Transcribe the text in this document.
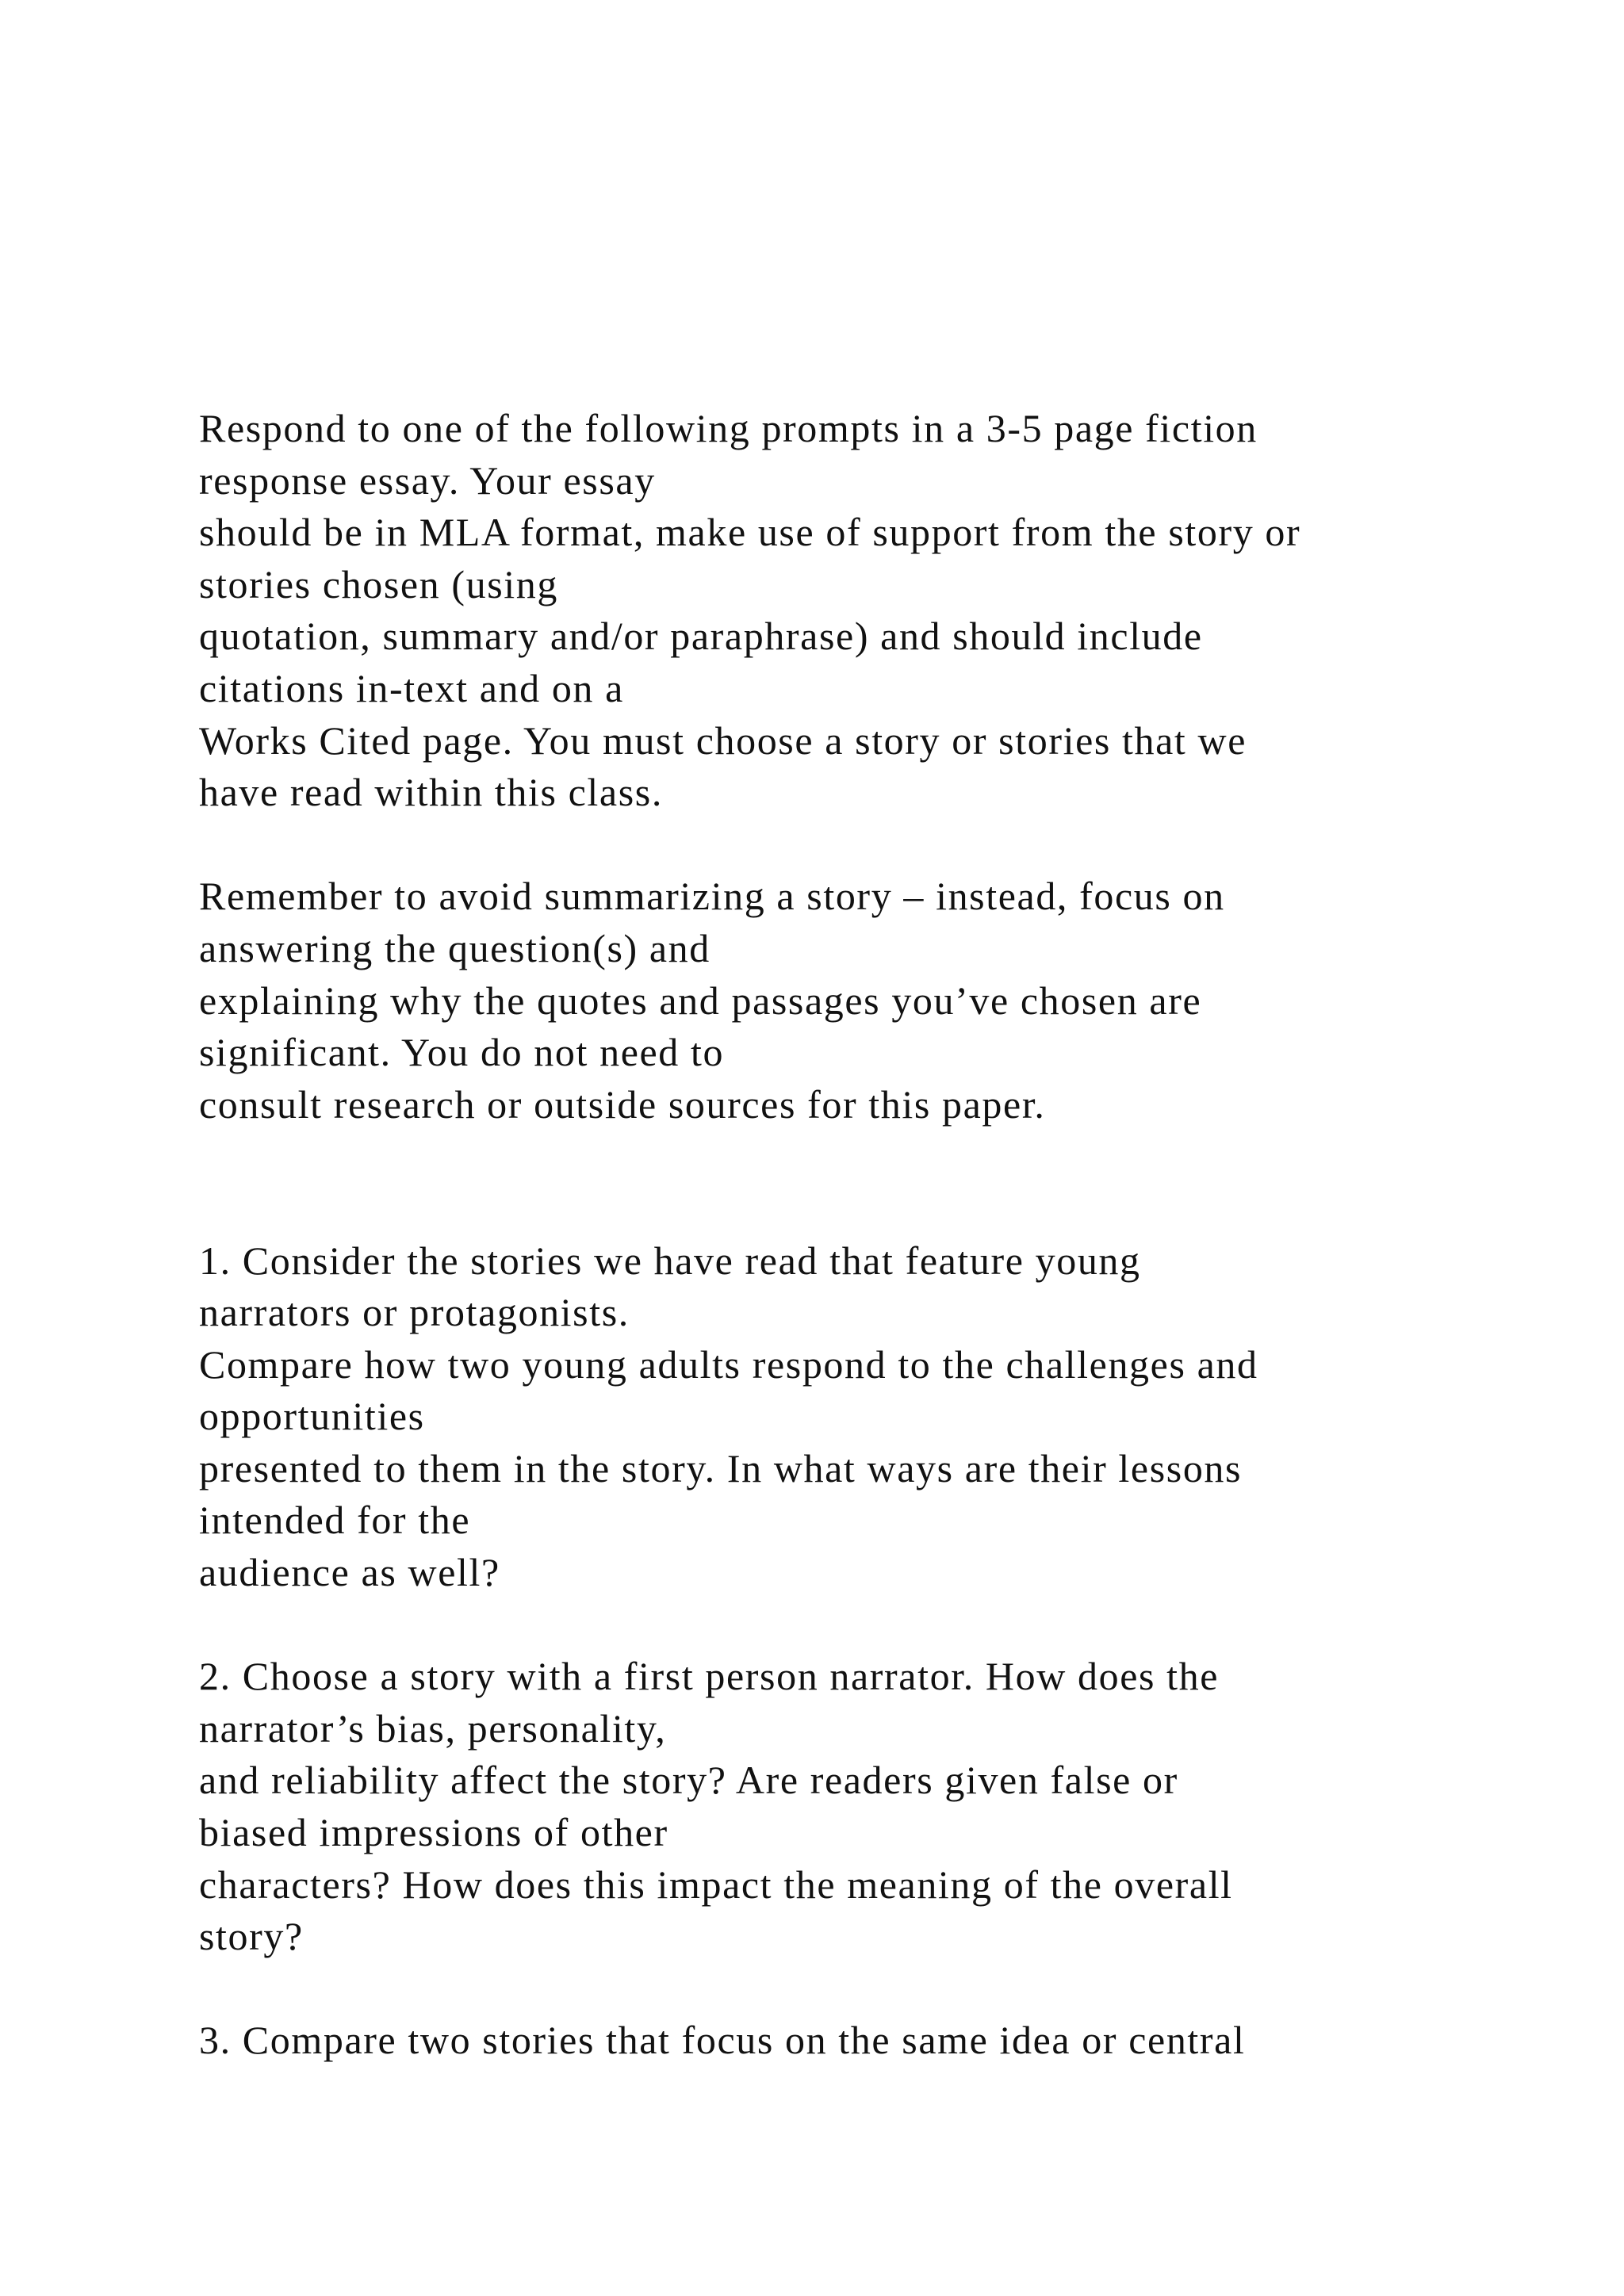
Respond to one of the following prompts in a 3-5 page fiction
response essay. Your essay
should be in MLA format, make use of support from the story or
stories chosen (using
quotation, summary and/or paraphrase) and should include
citations in-text and on a
Works Cited page. You must choose a story or stories that we
have read within this class.
Remember to avoid summarizing a story – instead, focus on
answering the question(s) and
explaining why the quotes and passages you’ve chosen are
significant. You do not need to
consult research or outside sources for this paper.
1. Consider the stories we have read that feature young
narrators or protagonists.
Compare how two young adults respond to the challenges and
opportunities
presented to them in the story. In what ways are their lessons
intended for the
audience as well?
2. Choose a story with a first person narrator. How does the
narrator’s bias, personality,
and reliability affect the story? Are readers given false or
biased impressions of other
characters? How does this impact the meaning of the overall
story?
3. Compare two stories that focus on the same idea or central
